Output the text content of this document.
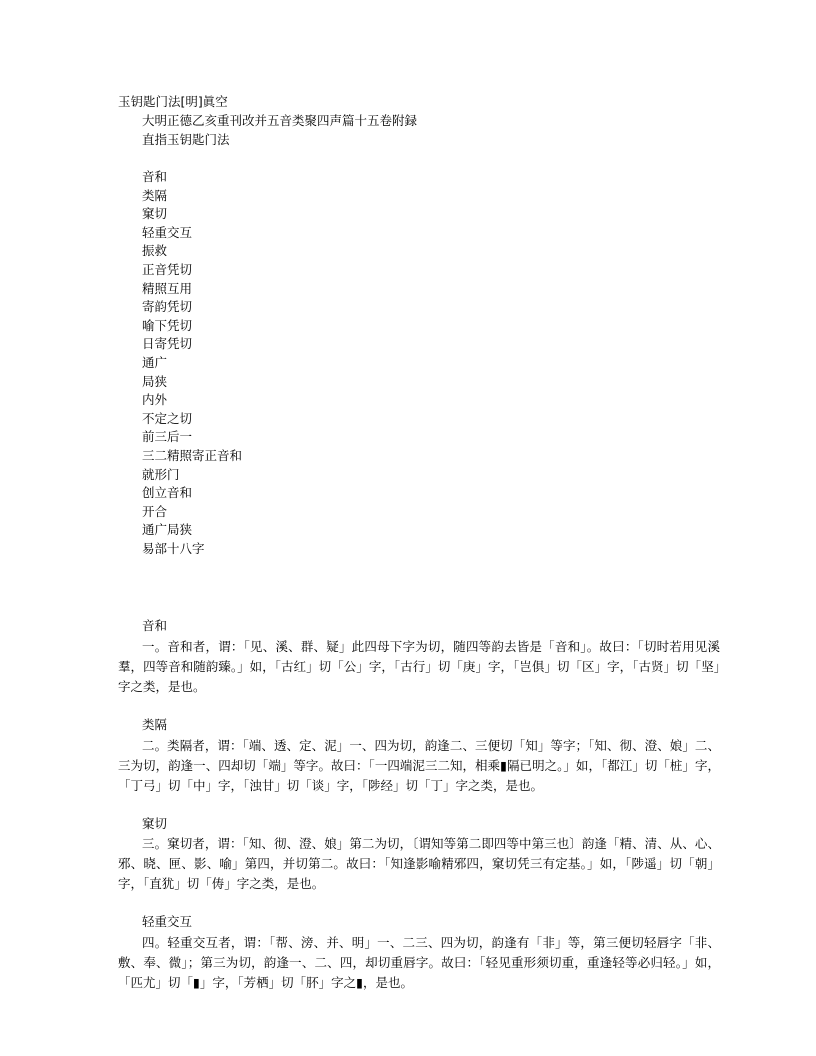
玉钥匙门法[明]眞空
大明正德乙亥重刊改并五音类聚四声篇十五卷附録
直指玉钥匙门法
音和
类隔
窠切
轻重交互
振救
正音凭切
精照互用
寄韵凭切
喻下凭切
日寄凭切
通广
局狭
内外
不定之切
前三后一
三二精照寄正音和
就形门
创立音和
开合
通广局狭
易部十八字
音和
一。音和者，谓：「见、溪、群、疑」此四母下字为切，随四等韵去皆是「音和」。故曰：「切时若用见溪羣，四等音和随韵臻。」如，「古红」切「公」字，「古行」切「庚」字，「岂俱」切「区」字，「古贤」切「坚」字之类，是也。
类隔
二。类隔者，谓：「端、透、定、泥」一、四为切，韵逢二、三便切「知」等字；「知、彻、澄、娘」二、三为切，韵逢一、四却切「端」等字。故曰：「一四端泥三二知，相乘▮隔已明之。」如，「都江」切「桩」字，「丁弓」切「中」字，「浊甘」切「谈」字，「陟经」切「丁」字之类，是也。
窠切
三。窠切者，谓：「知、彻、澄、娘」第二为切，〔谓知等第二即四等中第三也〕韵逢「精、清、从、心、邪、晓、匣、影、喻」第四，并切第二。故曰：「知逢影喻精邪四，窠切凭三有定基。」如，「陟遥」切「朝」字，「直犹」切「俦」字之类，是也。
轻重交互
四。轻重交互者，谓：「帮、滂、并、明」一、二三、四为切，韵逢有「非」等，第三便切轻唇字「非、敷、奉、微」；第三为切，韵逢一、二、四，却切重唇字。故曰：「轻见重形须切重，重逢轻等必归轻。」如，「匹尤」切「▮」字，「芳栖」切「肧」字之▮，是也。
